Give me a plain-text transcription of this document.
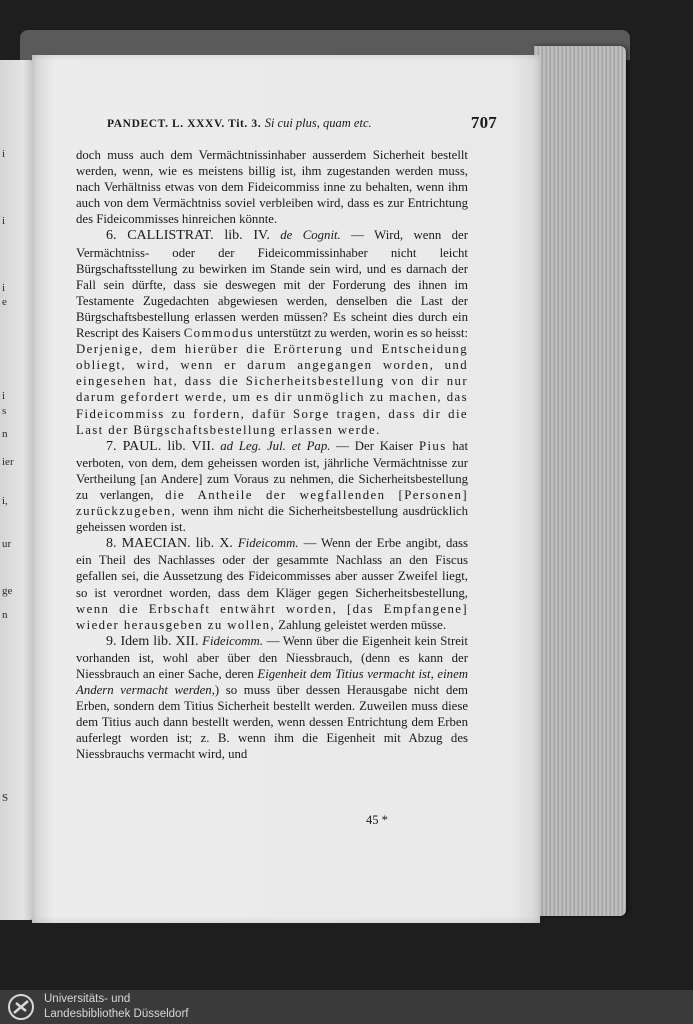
i
i
i
e
i
s
n
ier
i,
ur
ge
n
S
PANDECT. L. XXXV. Tit. 3. Si cui plus, quam etc.	707

doch muss auch dem Vermächtnissinhaber ausserdem Sicherheit bestellt werden, wenn, wie es meistens billig ist, ihm zugestanden werden muss, nach Verhältniss etwas von dem Fideicommiss inne zu behalten, wenn ihm auch von dem Vermächtniss soviel verbleiben wird, dass es zur Entrichtung des Fideicommisses hinreichen könnte.

6. CALLISTRAT. lib. IV. de Cognit. — Wird, wenn der Vermächtniss- oder der Fideicommissinhaber nicht leicht Bürgschaftsstellung zu bewirken im Stande sein wird, und es darnach der Fall sein dürfte, dass sie deswegen mit der Forderung des ihnen im Testamente Zugedachten abgewiesen werden, denselben die Last der Bürgschaftsbestellung erlassen werden müssen? Es scheint dies durch ein Rescript des Kaisers Commodus unterstützt zu werden, worin es so heisst: Derjenige, dem hierüber die Erörterung und Entscheidung obliegt, wird, wenn er darum angegangen worden, und eingesehen hat, dass die Sicherheitsbestellung von dir nur darum gefordert werde, um es dir unmöglich zu machen, das Fideicommiss zu fordern, dafür Sorge tragen, dass dir die Last der Bürgschaftsbestellung erlassen werde.

7. PAUL. lib. VII. ad Leg. Jul. et Pap. — Der Kaiser Pius hat verboten, von dem, dem geheissen worden ist, jährliche Vermächtnisse zur Vertheilung [an Andere] zum Voraus zu nehmen, die Sicherheitsbestellung zu verlangen, die Antheile der wegfallenden [Personen] zurückzugeben, wenn ihm nicht die Sicherheitsbestellung ausdrücklich geheissen worden ist.

8. MAECIAN. lib. X. Fideicomm. — Wenn der Erbe angibt, dass ein Theil des Nachlasses oder der gesammte Nachlass an den Fiscus gefallen sei, die Aussetzung des Fideicommisses aber ausser Zweifel liegt, so ist verordnet worden, dass dem Kläger gegen Sicherheitsbestellung, wenn die Erbschaft entwährt worden, [das Empfangene] wieder herausgeben zu wollen, Zahlung geleistet werden müsse.

9. Idem lib. XII. Fideicomm. — Wenn über die Eigenheit kein Streit vorhanden ist, wohl aber über den Niessbrauch, (denn es kann der Niessbrauch an einer Sache, deren Eigenheit dem Titius vermacht ist, einem Andern vermacht werden,) so muss über dessen Herausgabe nicht dem Erben, sondern dem Titius Sicherheit bestellt werden. Zuweilen muss diese dem Titius auch dann bestellt werden, wenn dessen Entrichtung dem Erben auferlegt worden ist; z. B. wenn ihm die Eigenheit mit Abzug des Niessbrauchs vermacht wird, und

45 *
Universitäts- und
Landesbibliothek Düsseldorf
